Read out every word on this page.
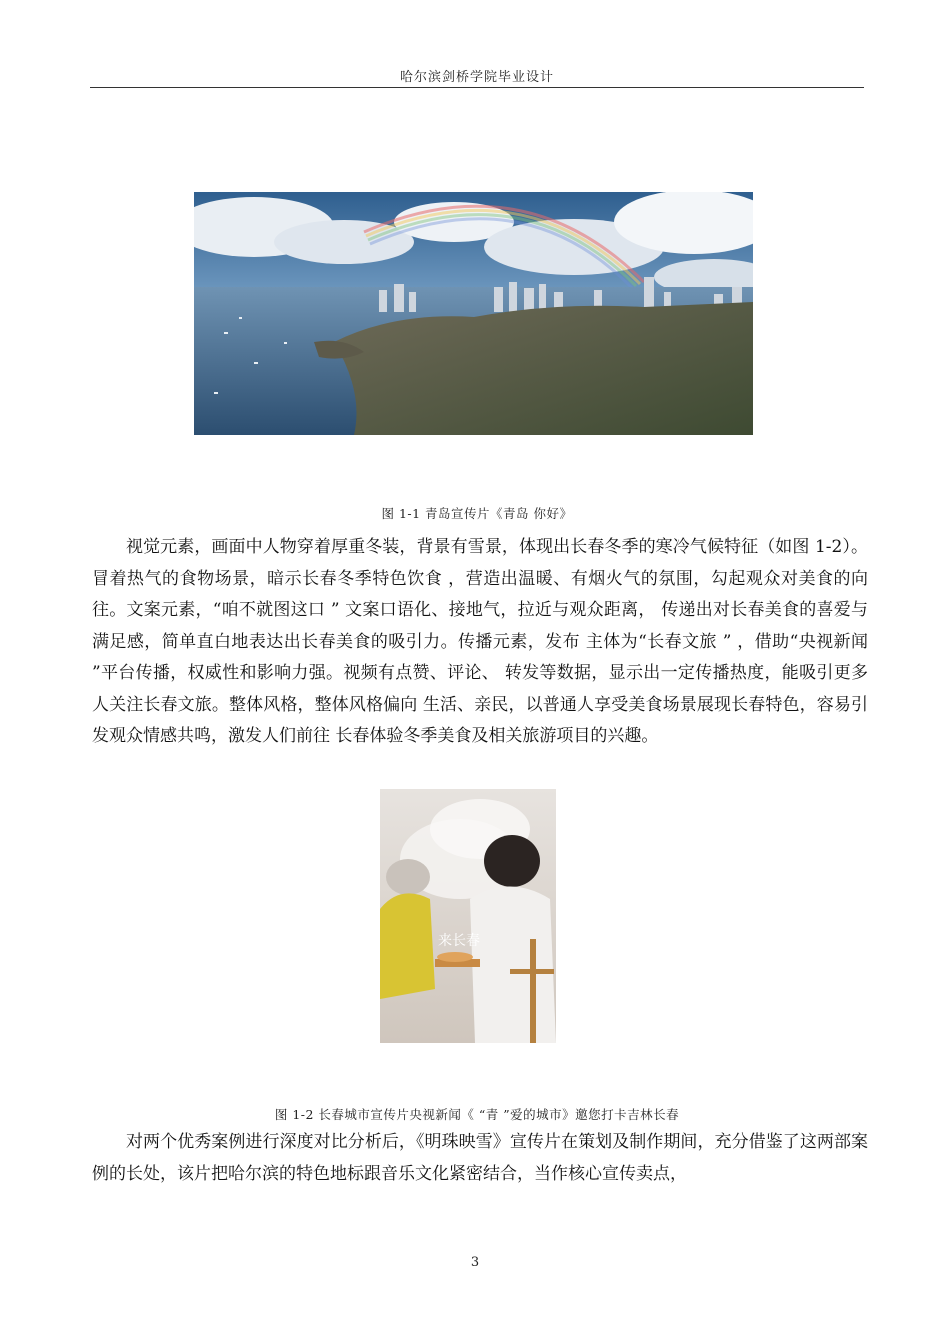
哈尔滨剑桥学院毕业设计
图 1-1 青岛宣传片《青岛 你好》

视觉元素，画面中人物穿着厚重冬装，背景有雪景，体现出长春冬季的寒冷气候特征（如图 1-2）。冒着热气的食物场景，暗示长春冬季特色饮食 ，营造出温暖、有烟火气的氛围，勾起观众对美食的向往。文案元素，“咱不就图这口 ” 文案口语化、接地气，拉近与观众距离， 传递出对长春美食的喜爱与满足感，简单直白地表达出长春美食的吸引力。传播元素，发布 主体为“长春文旅 ” ，借助“央视新闻 ”平台传播，权威性和影响力强。视频有点赞、评论、 转发等数据，显示出一定传播热度，能吸引更多人关注长春文旅。整体风格，整体风格偏向 生活、亲民，以普通人享受美食场景展现长春特色，容易引发观众情感共鸣，激发人们前往 长春体验冬季美食及相关旅游项目的兴趣。

来长春
图 1-2 长春城市宣传片央视新闻《 “青 ”爱的城市》邀您打卡吉林长春

对两个优秀案例进行深度对比分析后，《明珠映雪》宣传片在策划及制作期间，充分借鉴了这两部案例的长处，该片把哈尔滨的特色地标跟音乐文化紧密结合，当作核心宣传卖点，

3
